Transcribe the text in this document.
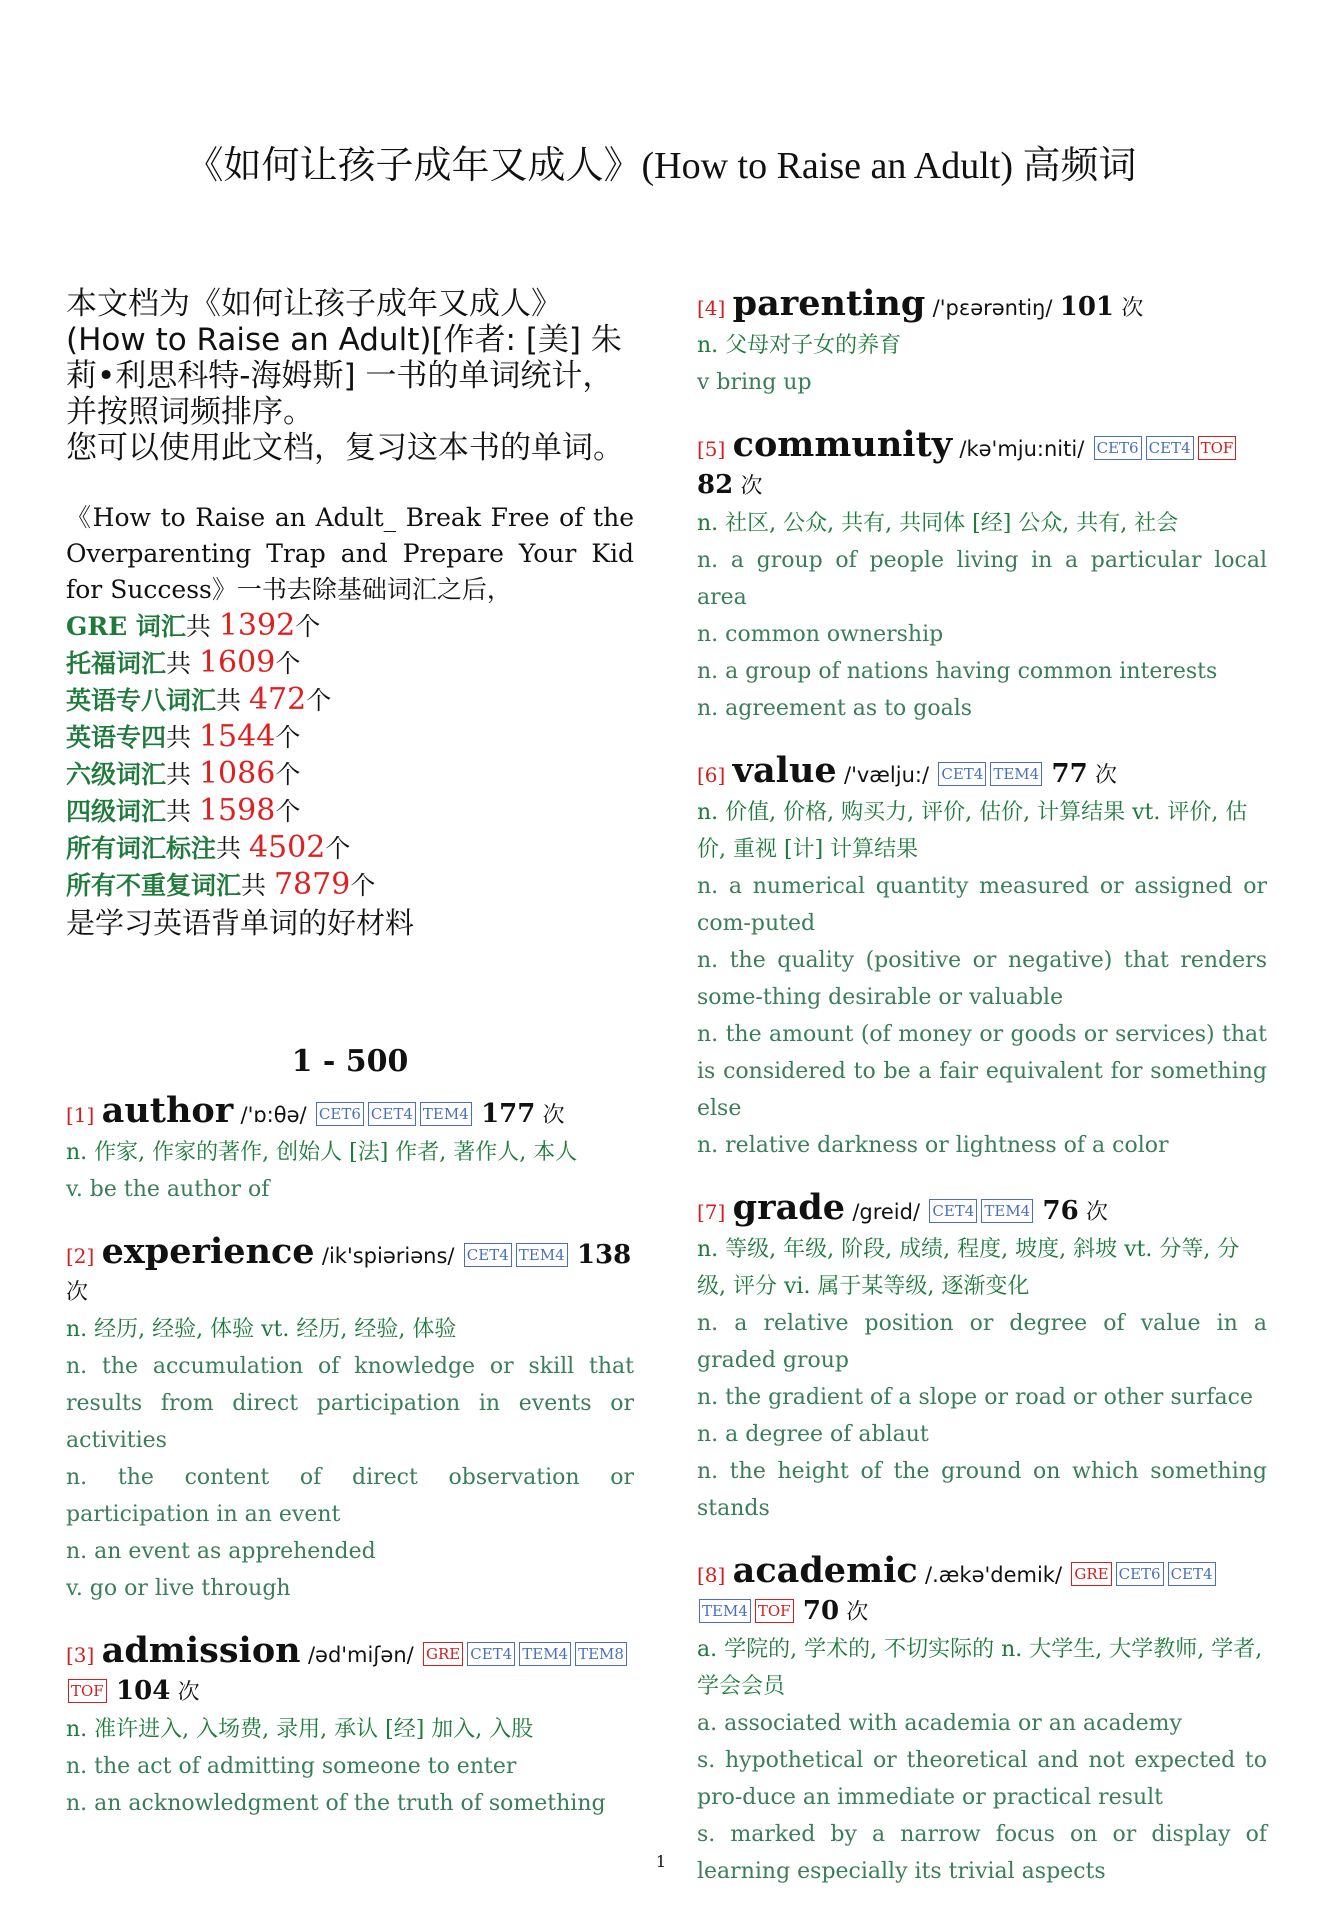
《如何让孩子成年又成人》(How to Raise an Adult) 高频词

本文档为《如何让孩子成年又成人》(How to Raise an Adult)[作者: [美] 朱莉•利思科特-海姆斯] 一书的单词统计，并按照词频排序。

您可以使用此文档，复习这本书的单词。

《How to Raise an Adult_ Break Free of the Overparenting Trap and Prepare Your Kid for Success》一书去除基础词汇之后，

GRE 词汇共 1392个
托福词汇共 1609个
英语专八词汇共 472个
英语专四共 1544个
六级词汇共 1086个
四级词汇共 1598个
所有词汇标注共 4502个
所有不重复词汇共 7879个
是学习英语背单词的好材料
1 - 500
[1] author /'ɒ:θə/ CET6 CET4 TEM4 177 次

n. 作家, 作家的著作, 创始人 [法] 作者, 著作人, 本人

v. be the author of

[2] experience /ik'spiəriəns/ CET4 TEM4 138 次

n. 经历, 经验, 体验 vt. 经历, 经验, 体验

n. the accumulation of knowledge or skill that results from direct participation in events or activities

n. the content of direct observation or participation in an event

n. an event as apprehended

v. go or live through

[3] admission /əd'miʃən/ GRE CET4 TEM4 TEM8TOF 104 次

n. 准许进入, 入场费, 录用, 承认 [经] 加入, 入股

n. the act of admitting someone to enter

n. an acknowledgment of the truth of something

[4] parenting /'pɛərəntiŋ/ 101 次

n. 父母对子女的养育

v bring up

[5] community /kə'mju:niti/ CET6 CET4 TOF 82 次

n. 社区, 公众, 共有, 共同体 [经] 公众, 共有, 社会

n. a group of people living in a particular local area

n. common ownership

n. a group of nations having common interests

n. agreement as to goals

[6] value /'vælju:/ CET4 TEM4 77 次

n. 价值, 价格, 购买力, 评价, 估价, 计算结果 vt. 评价, 估价, 重视 [计] 计算结果

n. a numerical quantity measured or assigned or com-puted

n. the quality (positive or negative) that renders some-thing desirable or valuable

n. the amount (of money or goods or services) that is considered to be a fair equivalent for something else

n. relative darkness or lightness of a color

[7] grade /greid/ CET4 TEM4 76 次

n. 等级, 年级, 阶段, 成绩, 程度, 坡度, 斜坡 vt. 分等, 分级, 评分 vi. 属于某等级, 逐渐变化

n. a relative position or degree of value in a graded group

n. the gradient of a slope or road or other surface

n. a degree of ablaut

n. the height of the ground on which something stands

[8] academic /.ækə'demik/ GRE CET6 CET4TEM4 TOF 70 次

a. 学院的, 学术的, 不切实际的 n. 大学生, 大学教师, 学者, 学会会员

a. associated with academia or an academy

s. hypothetical or theoretical and not expected to pro-duce an immediate or practical result

s. marked by a narrow focus on or display of learning especially its trivial aspects

1
